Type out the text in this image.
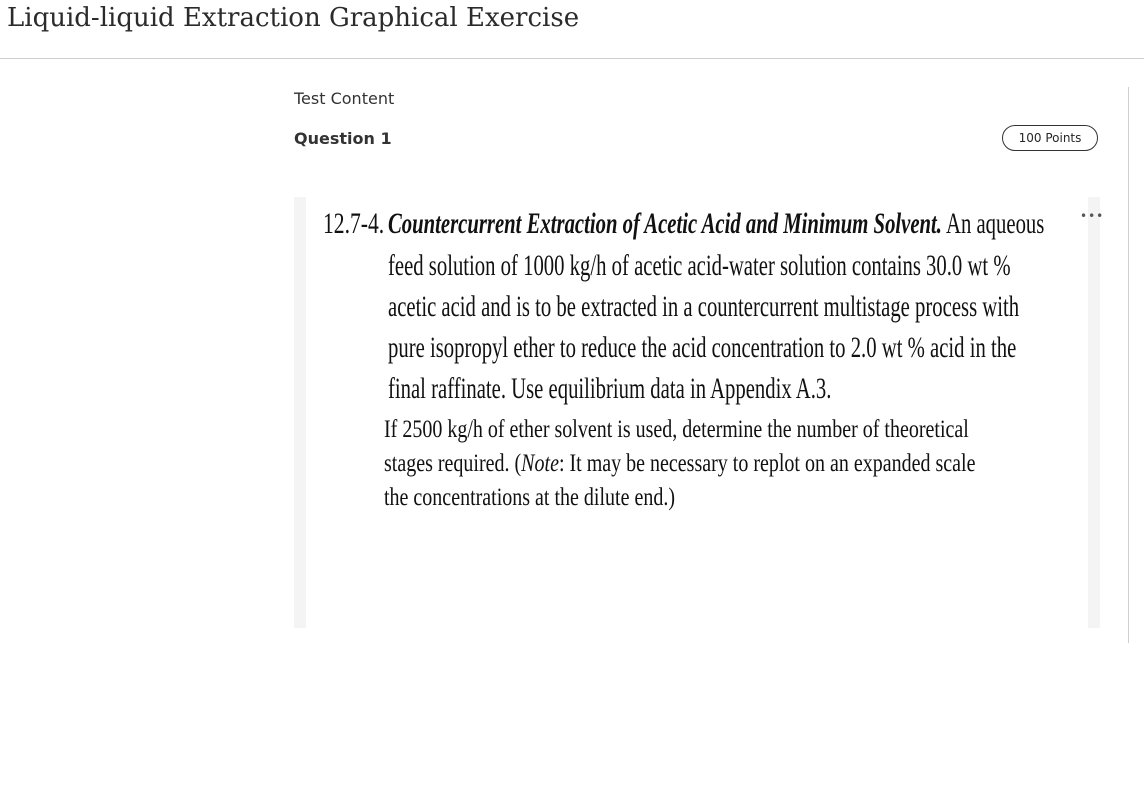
Liquid-liquid Extraction Graphical Exercise
Test Content
Question 1	100 Points
•••
12.7-4. Countercurrent Extraction of Acetic Acid and Minimum Solvent. An aqueous
feed solution of 1000 kg/h of acetic acid-water solution contains 30.0 wt %
acetic acid and is to be extracted in a countercurrent multistage process with
pure isopropyl ether to reduce the acid concentration to 2.0 wt % acid in the
final raffinate. Use equilibrium data in Appendix A.3.
If 2500 kg/h of ether solvent is used, determine the number of theoretical
stages required. (Note: It may be necessary to replot on an expanded scale
the concentrations at the dilute end.)
